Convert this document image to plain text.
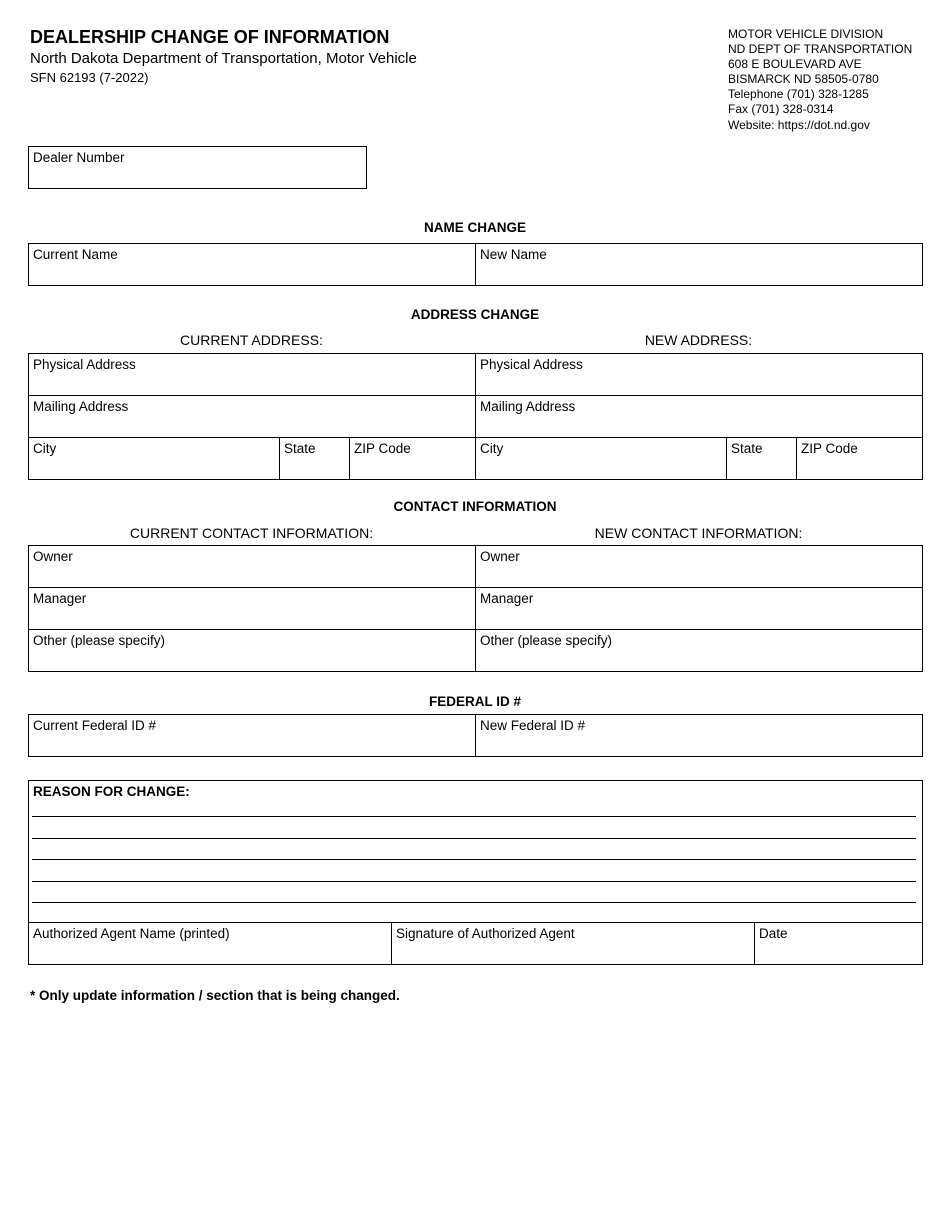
DEALERSHIP CHANGE OF INFORMATION
North Dakota Department of Transportation, Motor Vehicle
SFN 62193 (7-2022)
MOTOR VEHICLE DIVISION
ND DEPT OF TRANSPORTATION
608 E BOULEVARD AVE
BISMARCK ND 58505-0780
Telephone (701) 328-1285
Fax (701) 328-0314
Website: https://dot.nd.gov
Dealer Number
NAME CHANGE
Current Name	New Name
ADDRESS CHANGE
CURRENT ADDRESS:	NEW ADDRESS:
Physical Address	Physical Address
Mailing Address	Mailing Address
City	State	ZIP Code	City	State	ZIP Code
CONTACT INFORMATION
CURRENT CONTACT INFORMATION:	NEW CONTACT INFORMATION:
Owner	Owner
Manager	Manager
Other (please specify)	Other (please specify)
FEDERAL ID #
Current Federal ID #	New Federal ID #
REASON FOR CHANGE:
Authorized Agent Name (printed)	Signature of Authorized Agent	Date
* Only update information / section that is being changed.
